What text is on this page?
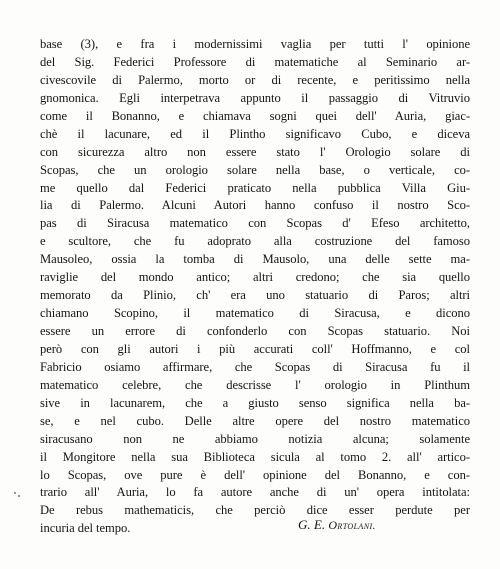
base (3), e fra i modernissimi vaglia per tutti l' opinione
del Sig. Federici Professore di matematiche al Seminario ar-
civescovile di Palermo, morto or di recente, e peritissimo nella
gnomonica. Egli interpetrava appunto il passaggio di Vitruvio
come il Bonanno, e chiamava sogni quei dell' Auria, giac-
chè il lacunare, ed il Plintho significavo Cubo, e diceva
con sicurezza altro non essere stato l' Orologio solare di
Scopas, che un orologio solare nella base, o verticale, co-
me quello dal Federici praticato nella pubblica Villa Giu-
lia di Palermo. Alcuni Autori hanno confuso il nostro Sco-
pas di Siracusa matematico con Scopas d' Efeso architetto,
e scultore, che fu adoprato alla costruzione del famoso
Mausoleo, ossia la tomba di Mausolo, una delle sette ma-
raviglie del mondo antico; altri credono; che sia quello
memorato da Plinio, ch' era uno statuario di Paros; altri
chiamano Scopino, il matematico di Siracusa, e dicono
essere un errore di confonderlo con Scopas statuario. Noi
però con gli autori i più accurati coll' Hoffmanno, e col
Fabricio osiamo affirmare, che Scopas di Siracusa fu il
matematico celebre, che descrisse l' orologio in Plinthum
sive in lacunarem, che a giusto senso significa nella ba-
se, e nel cubo. Delle altre opere del nostro matematico
siracusano non ne abbiamo notizia alcuna; solamente
il Mongitore nella sua Biblioteca sicula al tomo 2. all' artico-
lo Scopas, ove pure è dell' opinione del Bonanno, e con-
trario all' Auria, lo fa autore anche di un' opera intitolata:
De rebus mathematicis, che perciò dice esser perdute per
incuria del tempo.	G. E. Ortolani.
